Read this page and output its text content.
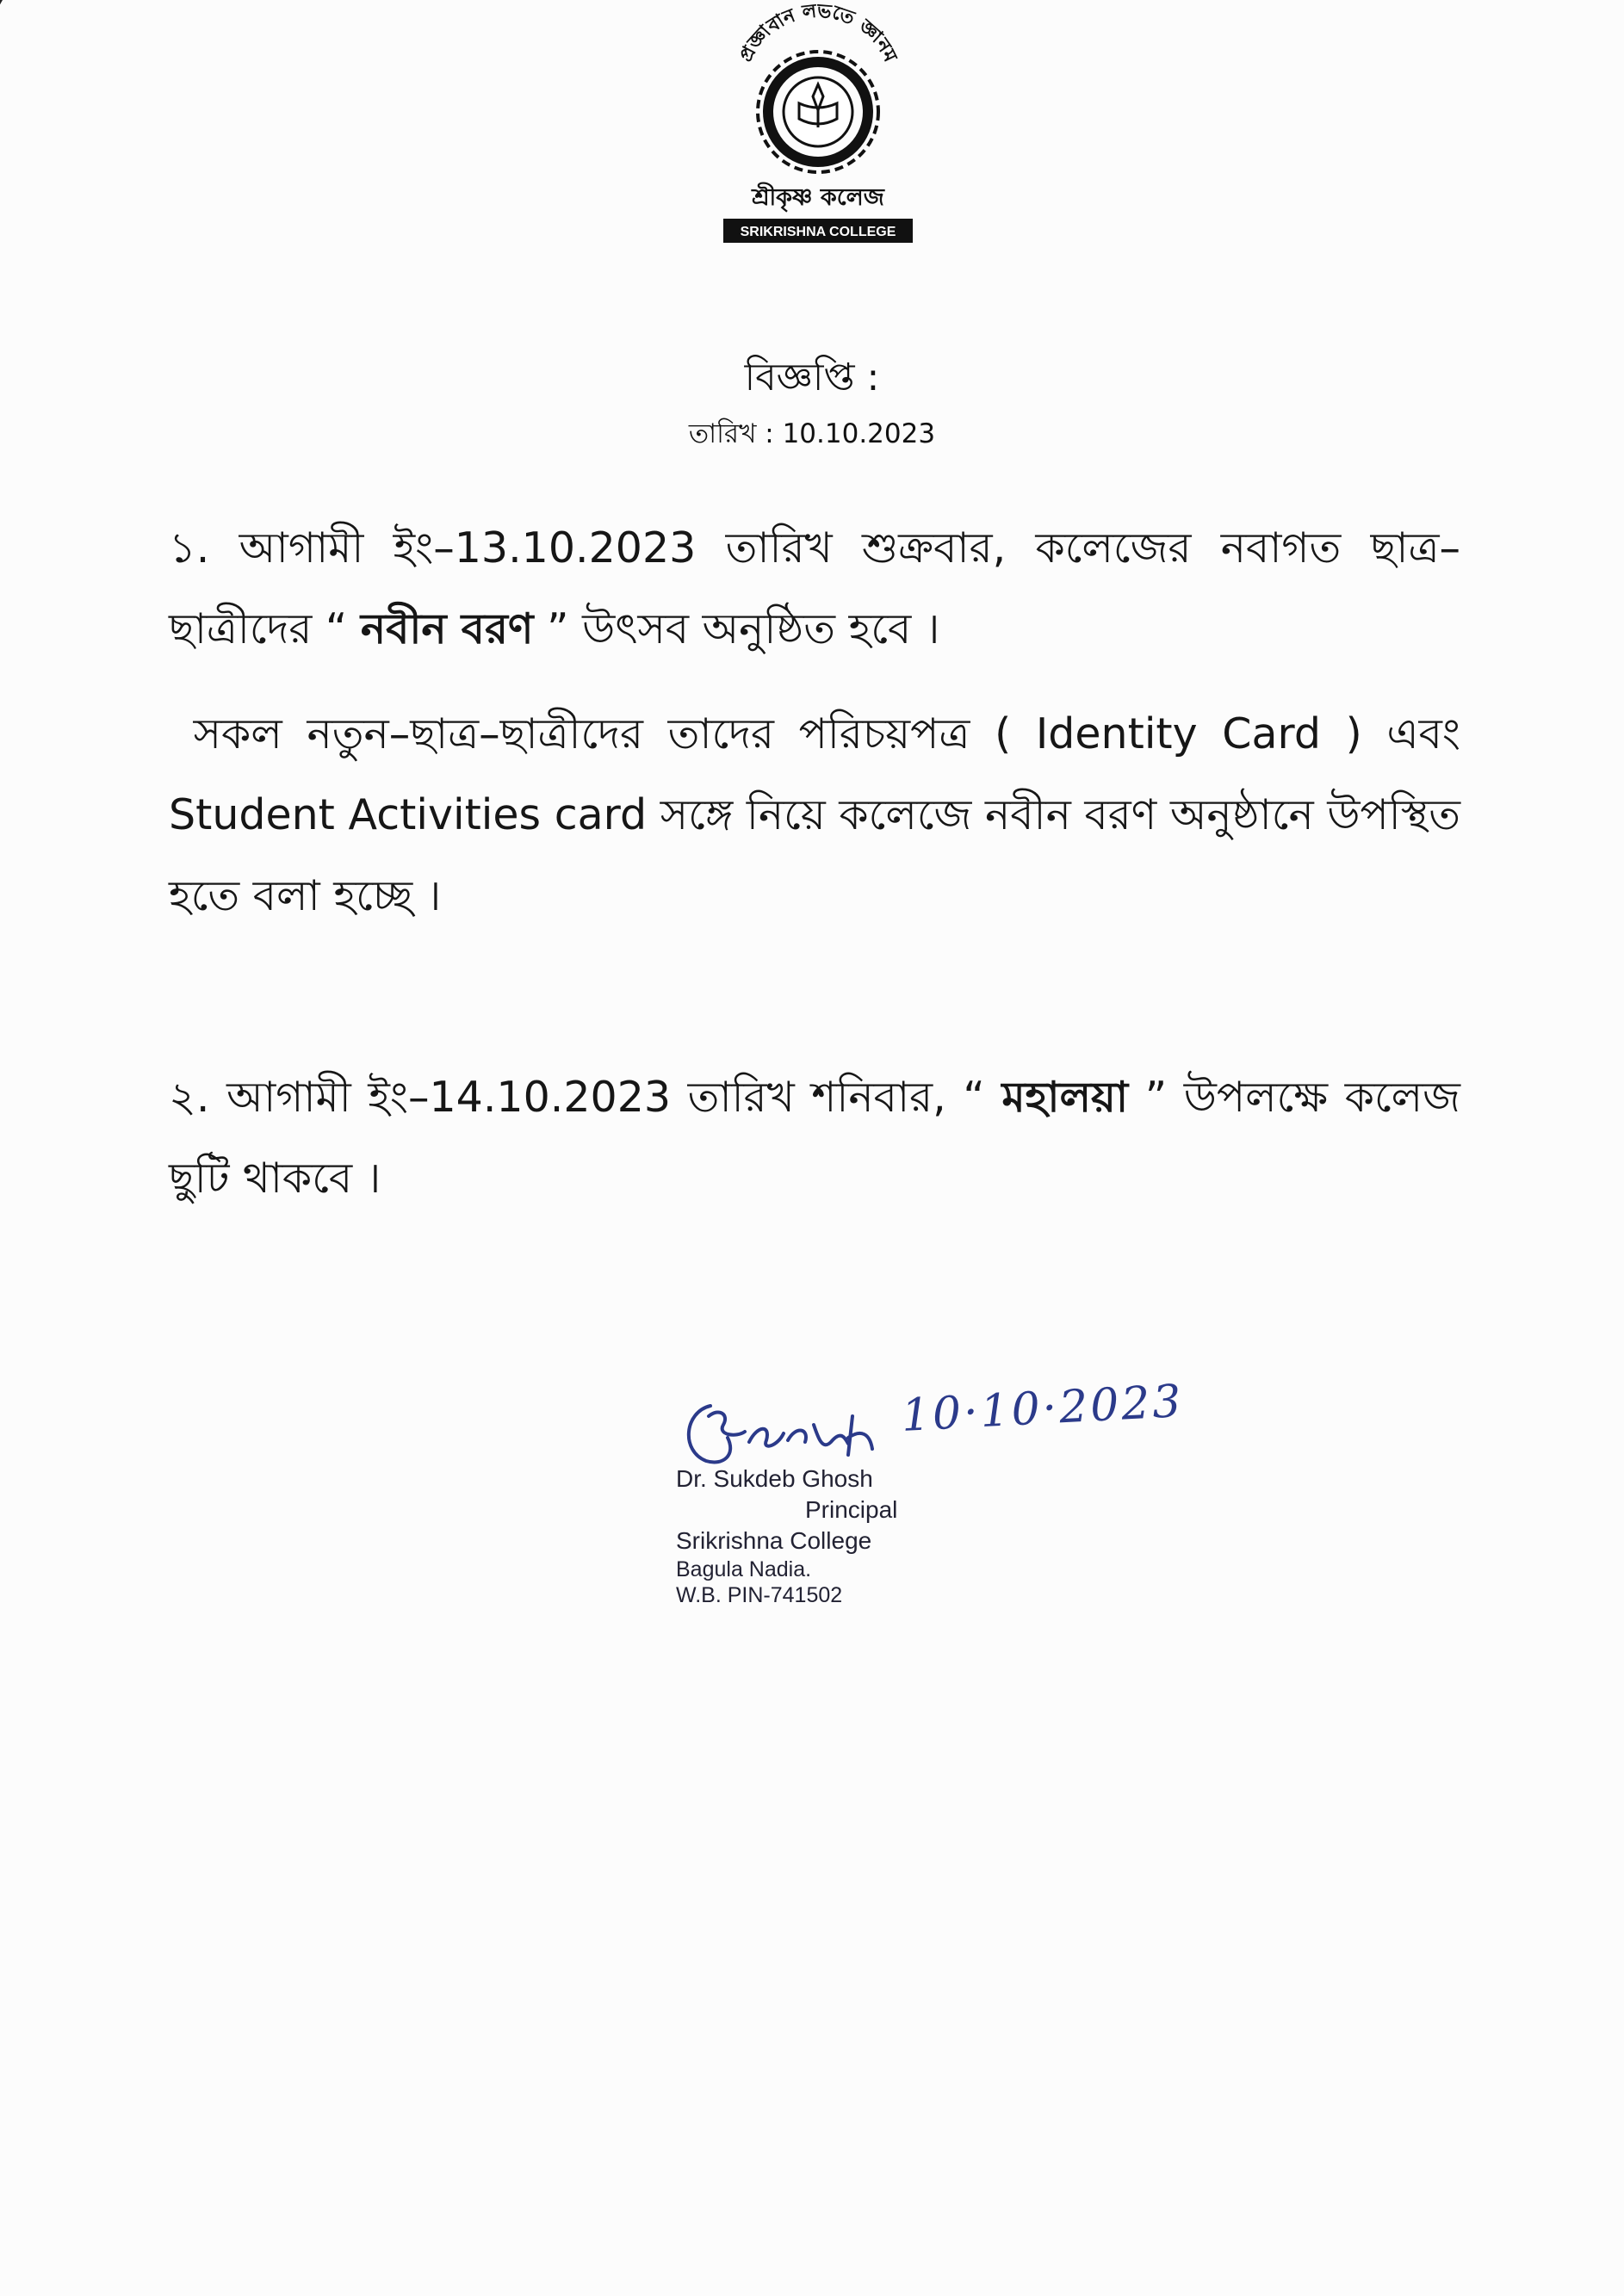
প্রজ্ঞাবান লভতে জ্ঞানম
শ্রীকৃষ্ণ কলেজ
SRIKRISHNA COLLEGE
বিজ্ঞপ্তি :
তারিখ : 10.10.2023
১. আগামী ইং–13.10.2023 তারিখ শুক্রবার, কলেজের নবাগত ছাত্র–ছাত্রীদের “ নবীন বরণ ” উৎসব অনুষ্ঠিত হবে ।
সকল নতুন–ছাত্র–ছাত্রীদের তাদের পরিচয়পত্র ( Identity Card ) এবং Student Activities card সঙ্গে নিয়ে কলেজে নবীন বরণ অনুষ্ঠানে উপস্থিত হতে বলা হচ্ছে ।
২. আগামী ইং–14.10.2023 তারিখ শনিবার, “ মহালয়া ” উপলক্ষে কলেজ ছুটি থাকবে ।
10·10·2023
Dr. Sukdeb Ghosh
Principal
Srikrishna College
Bagula Nadia.
W.B. PIN-741502
